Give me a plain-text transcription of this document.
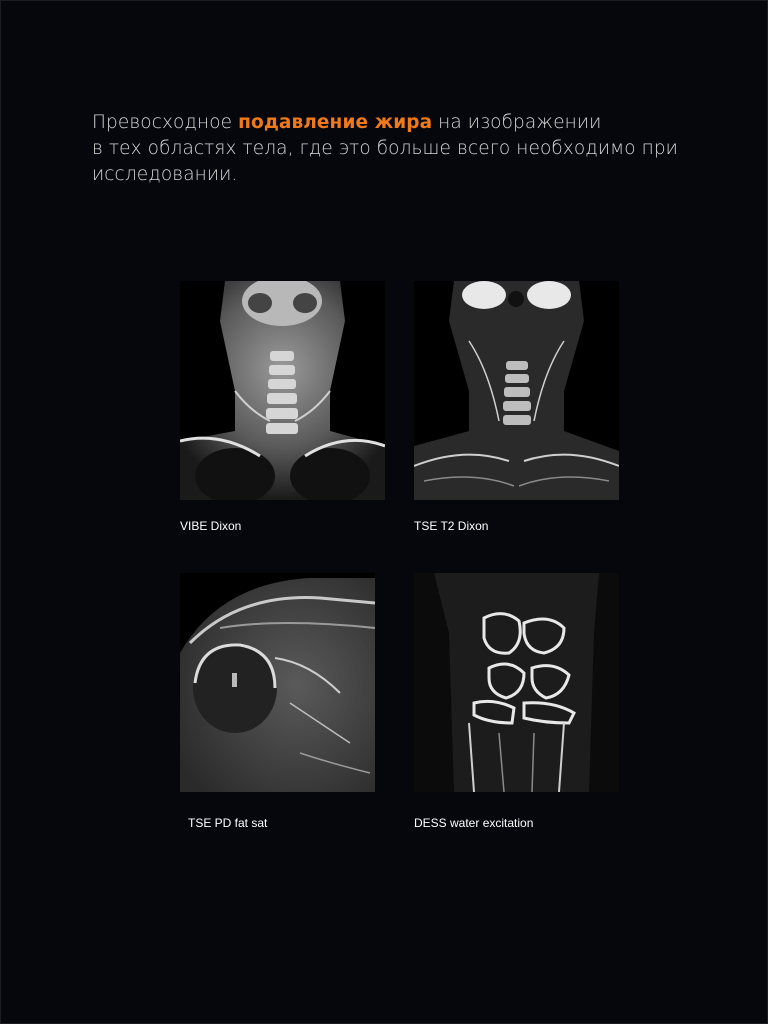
Превосходное подавление жира на изображении
в тех областях тела, где это больше всего необходимо при
исследовании.
VIBE Dixon	TSE T2 Dixon
TSE PD fat sat	DESS water excitation
